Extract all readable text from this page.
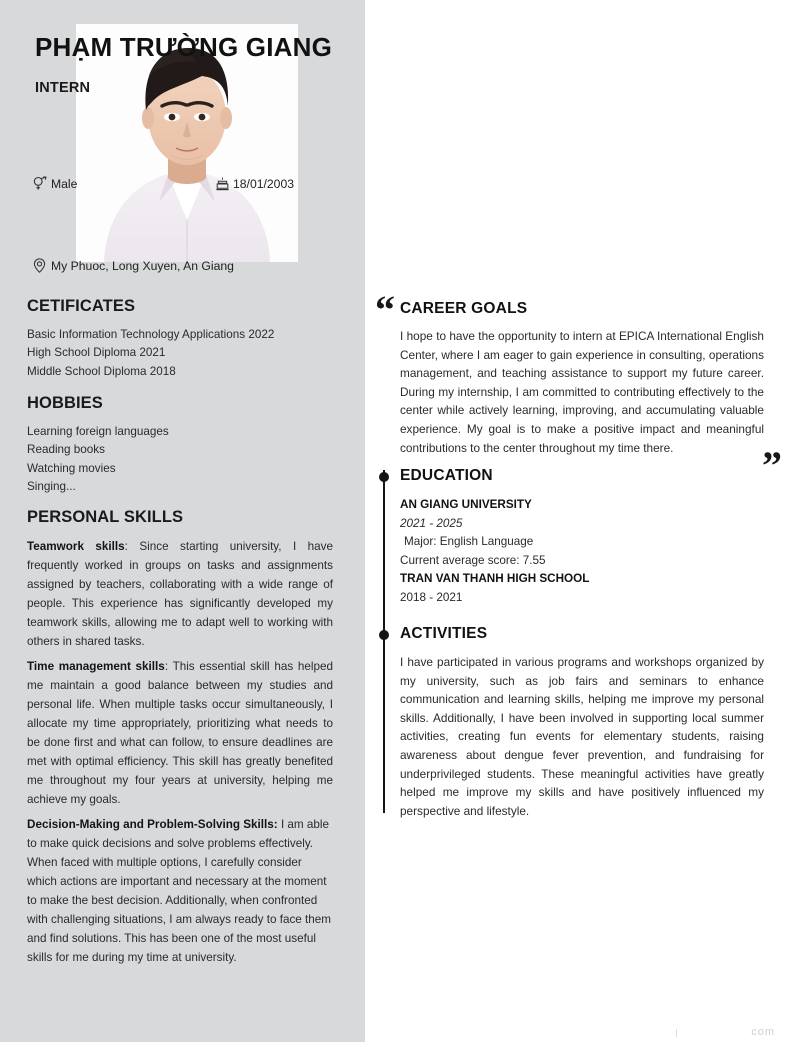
CETIFICATES
Basic Information Technology Applications 2022
High School Diploma 2021
Middle School Diploma 2018
HOBBIES
Learning foreign languages
Reading books
Watching movies
Singing...
PERSONAL SKILLS

Teamwork skills: Since starting university, I have frequently worked in groups on tasks and assignments assigned by teachers, collaborating with a wide range of people. This experience has significantly developed my teamwork skills, allowing me to adapt well to working with others in shared tasks.

Time management skills: This essential skill has helped me maintain a good balance between my studies and personal life. When multiple tasks occur simultaneously, I allocate my time appropriately, prioritizing what needs to be done first and what can follow, to ensure deadlines are met with optimal efficiency. This skill has greatly benefited me throughout my four years at university, helping me achieve my goals.

Decision-Making and Problem-Solving Skills: I am able to make quick decisions and solve problems effectively. When faced with multiple options, I carefully consider which actions are important and necessary at the moment to make the best decision. Additionally, when confronted with challenging situations, I am always ready to face them and find solutions. This has been one of the most useful skills for me during my time at university.

PHẠM TRƯỜNG GIANG
INTERN
Male	18/01/2003
My Phuoc, Long Xuyen, An Giang
“ CAREER GOALS
I hope to have the opportunity to intern at EPICA International English Center, where I am eager to gain experience in consulting, operations management, and teaching assistance to support my future career. During my internship, I am committed to contributing effectively to the center while actively learning, improving, and accumulating valuable experience. My goal is to make a positive impact and meaningful contributions to the center throughout my time there.	”
EDUCATION
AN GIANG UNIVERSITY
2021 - 2025
Major: English Language
Current average score: 7.55
TRAN VAN THANH HIGH SCHOOL
2018 - 2021
ACTIVITIES
I have participated in various programs and workshops organized by my university, such as job fairs and seminars to enhance communication and learning skills, helping me improve my personal skills. Additionally, I have been involved in supporting local summer activities, creating fun events for elementary students, raising awareness about dengue fever prevention, and fundraising for underprivileged students. These meaningful activities have greatly helped me improve my skills and have positively influenced my perspective and lifestyle.
com
